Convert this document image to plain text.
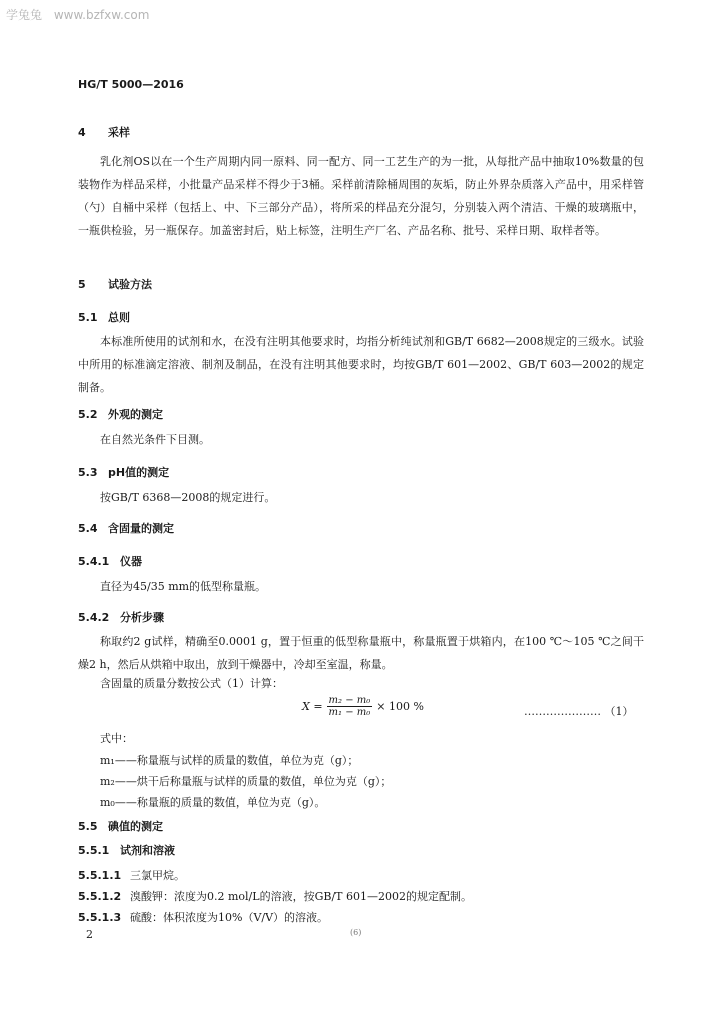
学兔兔 www.bzfxw.com
HG/T 5000—2016
4 采样
乳化剂OS以在一个生产周期内同一原料、同一配方、同一工艺生产的为一批，从每批产品中抽取10%数量的包装物作为样品采样，小批量产品采样不得少于3桶。采样前清除桶周围的灰垢，防止外界杂质落入产品中，用采样管（勺）自桶中采样（包括上、中、下三部分产品），将所采的样品充分混匀，分别装入两个清洁、干燥的玻璃瓶中，一瓶供检验，另一瓶保存。加盖密封后，贴上标签，注明生产厂名、产品名称、批号、采样日期、取样者等。
5 试验方法
5.1 总则
本标准所使用的试剂和水，在没有注明其他要求时，均指分析纯试剂和GB/T 6682—2008规定的三级水。试验中所用的标准滴定溶液、制剂及制品，在没有注明其他要求时，均按GB/T 601—2002、GB/T 603—2002的规定制备。
5.2 外观的测定
在自然光条件下目测。
5.3 pH值的测定
按GB/T 6368—2008的规定进行。
5.4 含固量的测定
5.4.1 仪器
直径为45/35 mm的低型称量瓶。
5.4.2 分析步骤
称取约2 g试样，精确至0.0001 g，置于恒重的低型称量瓶中，称量瓶置于烘箱内，在100 ℃～105 ℃之间干燥2 h，然后从烘箱中取出，放到干燥器中，冷却至室温，称量。
含固量的质量分数按公式（1）计算：
$X = \frac{\text{m₂ − m₀}}{\text{m₁ − m₀}} \times 100$ %	………………… （1）
式中：
m₁——称量瓶与试样的质量的数值，单位为克（g）；
m₂——烘干后称量瓶与试样的质量的数值，单位为克（g）；
m₀——称量瓶的质量的数值，单位为克（g）。
5.5 碘值的测定
5.5.1 试剂和溶液
5.5.1.1 三氯甲烷。
5.5.1.2 溴酸钾：浓度为0.2 mol/L的溶液，按GB/T 601—2002的规定配制。
5.5.1.3 硫酸：体积浓度为10%（V/V）的溶液。
2	(6)
